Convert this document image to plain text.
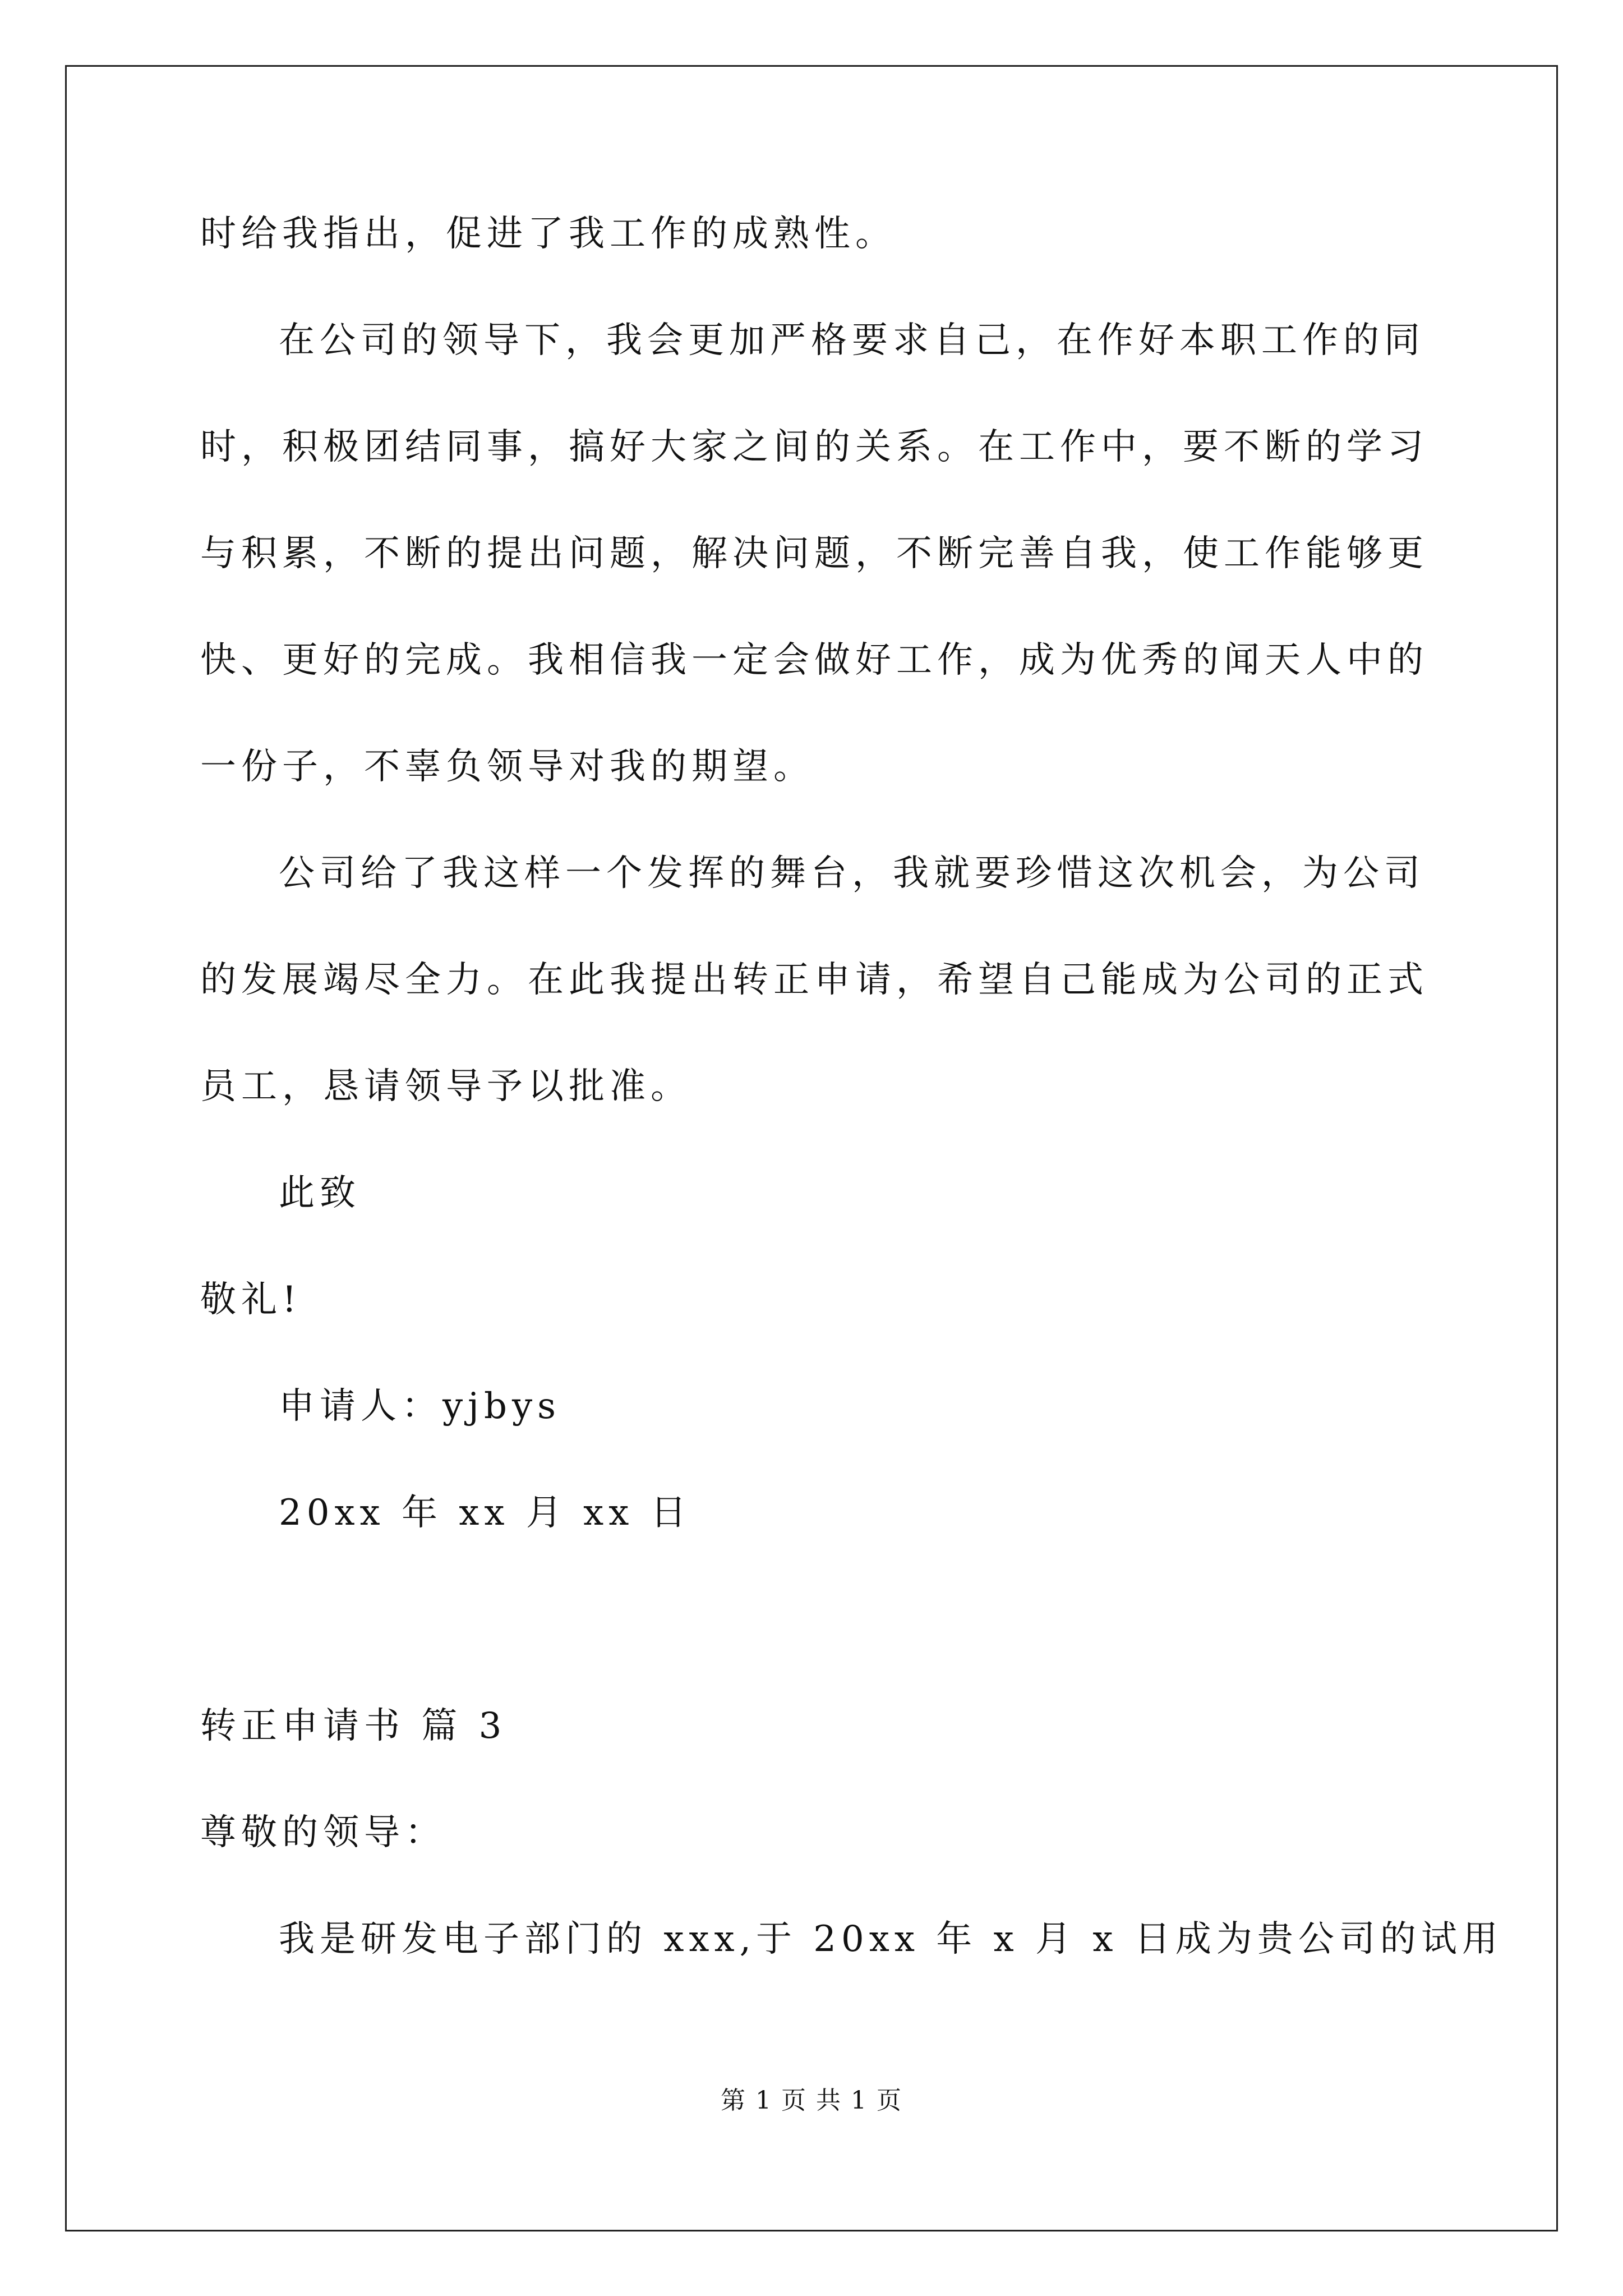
时给我指出，促进了我工作的成熟性。
在公司的领导下，我会更加严格要求自己，在作好本职工作的同
时，积极团结同事，搞好大家之间的关系。在工作中，要不断的学习
与积累，不断的提出问题，解决问题，不断完善自我，使工作能够更
快、更好的完成。我相信我一定会做好工作，成为优秀的闻天人中的
一份子，不辜负领导对我的期望。
公司给了我这样一个发挥的舞台，我就要珍惜这次机会，为公司
的发展竭尽全力。在此我提出转正申请，希望自己能成为公司的正式
员工，恳请领导予以批准。
此致
敬礼!
申请人：yjbys
20xx 年 xx 月 xx 日
转正申请书 篇 3
尊敬的领导：
我是研发电子部门的 xxx,于 20xx 年 x 月 x 日成为贵公司的试用
第 1 页 共 1 页
